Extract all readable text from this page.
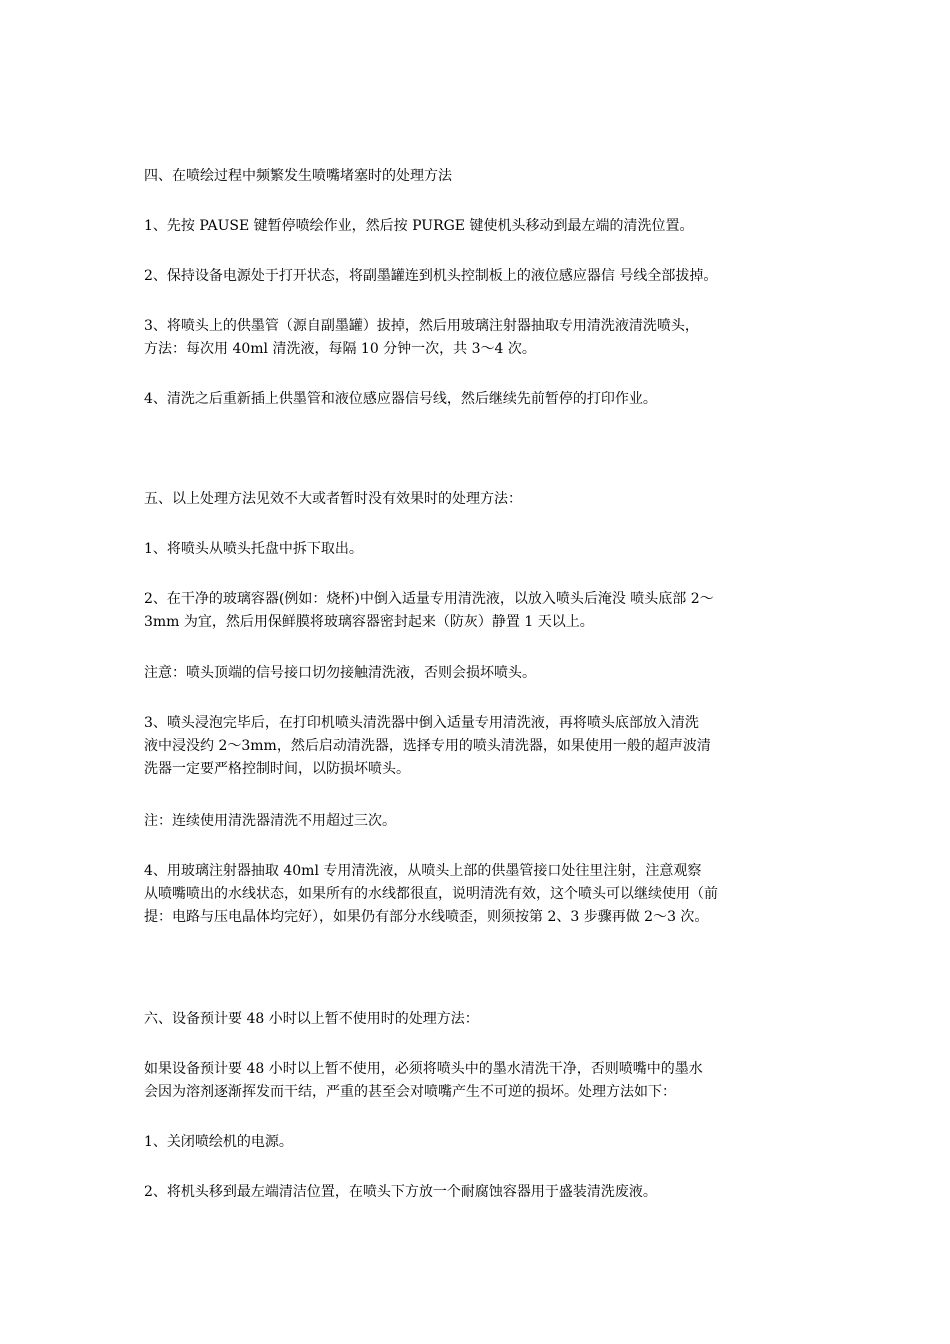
四、在喷绘过程中频繁发生喷嘴堵塞时的处理方法

1、先按 PAUSE 键暂停喷绘作业，然后按 PURGE 键使机头移动到最左端的清洗位置。

2、保持设备电源处于打开状态，将副墨罐连到机头控制板上的液位感应器信 号线全部拔掉。

3、将喷头上的供墨管（源自副墨罐）拔掉，然后用玻璃注射器抽取专用清洗液清洗喷头，
方法：每次用 40ml 清洗液，每隔 10 分钟一次，共 3～4 次。

4、清洗之后重新插上供墨管和液位感应器信号线，然后继续先前暂停的打印作业。

五、以上处理方法见效不大或者暂时没有效果时的处理方法：

1、将喷头从喷头托盘中拆下取出。

2、在干净的玻璃容器(例如：烧杯)中倒入适量专用清洗液，以放入喷头后淹没 喷头底部 2～
3mm 为宜，然后用保鲜膜将玻璃容器密封起来（防灰）静置 1 天以上。

注意：喷头顶端的信号接口切勿接触清洗液，否则会损坏喷头。

3、喷头浸泡完毕后，在打印机喷头清洗器中倒入适量专用清洗液，再将喷头底部放入清洗
液中浸没约 2～3mm，然后启动清洗器，选择专用的喷头清洗器，如果使用一般的超声波清
洗器一定要严格控制时间，以防损坏喷头。

注：连续使用清洗器清洗不用超过三次。

4、用玻璃注射器抽取 40ml 专用清洗液，从喷头上部的供墨管接口处往里注射，注意观察
从喷嘴喷出的水线状态，如果所有的水线都很直，说明清洗有效，这个喷头可以继续使用（前
提：电路与压电晶体均完好），如果仍有部分水线喷歪，则须按第 2、3 步骤再做 2～3 次。

六、设备预计要 48 小时以上暂不使用时的处理方法：

如果设备预计要 48 小时以上暂不使用，必须将喷头中的墨水清洗干净，否则喷嘴中的墨水
会因为溶剂逐渐挥发而干结，严重的甚至会对喷嘴产生不可逆的损坏。处理方法如下：

1、关闭喷绘机的电源。

2、将机头移到最左端清洁位置，在喷头下方放一个耐腐蚀容器用于盛装清洗废液。
